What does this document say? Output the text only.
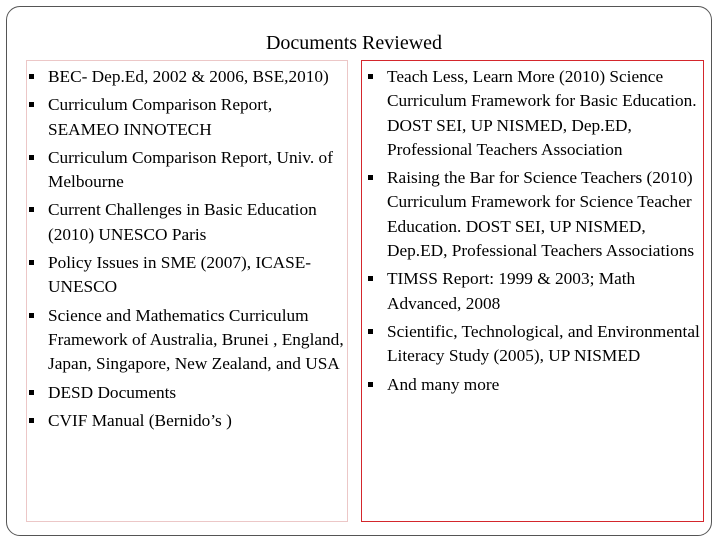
Documents Reviewed
BEC- Dep.Ed, 2002 & 2006, BSE,2010)
Curriculum Comparison Report, SEAMEO INNOTECH
Curriculum Comparison Report, Univ. of Melbourne
Current Challenges in Basic Education (2010) UNESCO Paris
Policy Issues in SME (2007), ICASE-UNESCO
Science and Mathematics Curriculum Framework of Australia, Brunei , England, Japan, Singapore, New Zealand, and USA
DESD Documents
CVIF Manual (Bernido’s )
Teach Less, Learn More (2010) Science Curriculum Framework for Basic Education. DOST SEI, UP NISMED, Dep.ED, Professional Teachers Association
Raising the Bar for Science Teachers (2010) Curriculum Framework for Science Teacher Education. DOST SEI, UP NISMED, Dep.ED, Professional Teachers Associations
TIMSS Report: 1999 & 2003; Math Advanced, 2008
Scientific, Technological, and Environmental Literacy Study (2005), UP NISMED
And many more
